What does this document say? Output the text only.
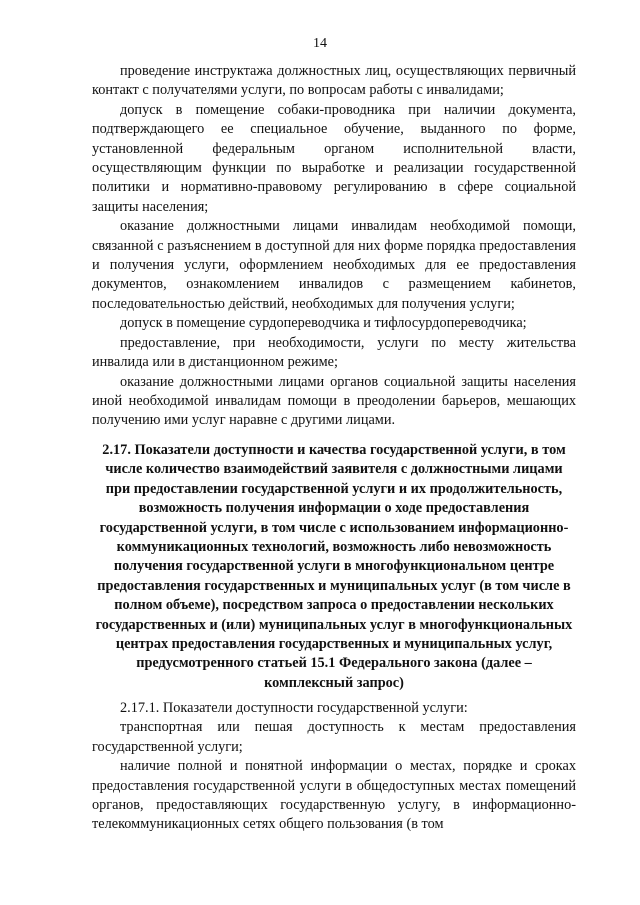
14

проведение инструктажа должностных лиц, осуществляющих первичный контакт с получателями услуги, по вопросам работы с инвалидами;

допуск в помещение собаки-проводника при наличии документа, подтверждающего ее специальное обучение, выданного по форме, установленной федеральным органом исполнительной власти, осуществляющим функции по выработке и реализации государственной политики и нормативно-правовому регулированию в сфере социальной защиты населения;

оказание должностными лицами инвалидам необходимой помощи, связанной с разъяснением в доступной для них форме порядка предоставления и получения услуги, оформлением необходимых для ее предоставления документов, ознакомлением инвалидов с размещением кабинетов, последовательностью действий, необходимых для получения услуги;

допуск в помещение сурдопереводчика и тифлосурдопереводчика;

предоставление, при необходимости, услуги по месту жительства инвалида или в дистанционном режиме;

оказание должностными лицами органов социальной защиты населения иной необходимой инвалидам помощи в преодолении барьеров, мешающих получению ими услуг наравне с другими лицами.

2.17. Показатели доступности и качества государственной услуги, в том числе количество взаимодействий заявителя с должностными лицами при предоставлении государственной услуги и их продолжительность, возможность получения информации о ходе предоставления государственной услуги, в том числе с использованием информационно-коммуникационных технологий, возможность либо невозможность получения государственной услуги в многофункциональном центре предоставления государственных и муниципальных услуг (в том числе в полном объеме), посредством запроса о предоставлении нескольких государственных и (или) муниципальных услуг в многофункциональных центрах предоставления государственных и муниципальных услуг, предусмотренного статьей 15.1 Федерального закона (далее – комплексный запрос)

2.17.1. Показатели доступности государственной услуги:

транспортная или пешая доступность к местам предоставления государственной услуги;

наличие полной и понятной информации о местах, порядке и сроках предоставления государственной услуги в общедоступных местах помещений органов, предоставляющих государственную услугу, в информационно-телекоммуникационных сетях общего пользования (в том
